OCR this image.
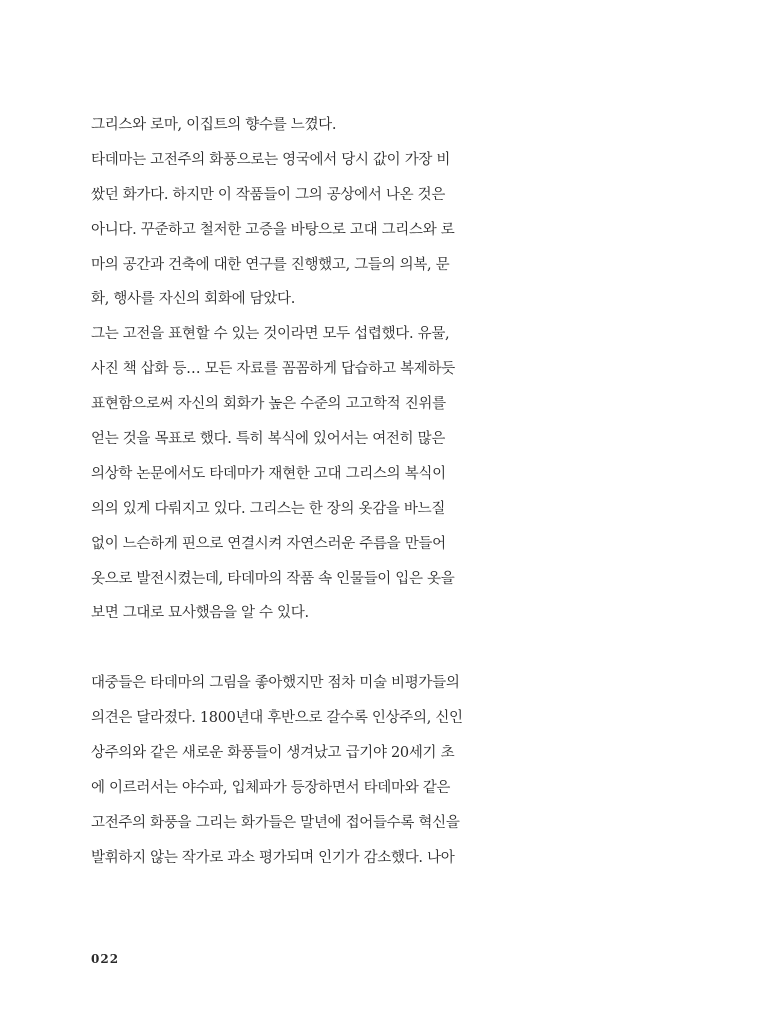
그리스와 로마, 이집트의 향수를 느꼈다.
타데마는 고전주의 화풍으로는 영국에서 당시 값이 가장 비
쌌던 화가다. 하지만 이 작품들이 그의 공상에서 나온 것은
아니다. 꾸준하고 철저한 고증을 바탕으로 고대 그리스와 로
마의 공간과 건축에 대한 연구를 진행했고, 그들의 의복, 문
화, 행사를 자신의 회화에 담았다.
그는 고전을 표현할 수 있는 것이라면 모두 섭렵했다. 유물,
사진 책 삽화 등… 모든 자료를 꼼꼼하게 답습하고 복제하듯
표현함으로써 자신의 회화가 높은 수준의 고고학적 진위를
얻는 것을 목표로 했다. 특히 복식에 있어서는 여전히 많은
의상학 논문에서도 타데마가 재현한 고대 그리스의 복식이
의의 있게 다뤄지고 있다. 그리스는 한 장의 옷감을 바느질
없이 느슨하게 핀으로 연결시켜 자연스러운 주름을 만들어
옷으로 발전시켰는데, 타데마의 작품 속 인물들이 입은 옷을
보면 그대로 묘사했음을 알 수 있다.
대중들은 타데마의 그림을 좋아했지만 점차 미술 비평가들의
의견은 달라졌다. 1800년대 후반으로 갈수록 인상주의, 신인
상주의와 같은 새로운 화풍들이 생겨났고 급기야 20세기 초
에 이르러서는 야수파, 입체파가 등장하면서 타데마와 같은
고전주의 화풍을 그리는 화가들은 말년에 접어들수록 혁신을
발휘하지 않는 작가로 과소 평가되며 인기가 감소했다. 나아
022
